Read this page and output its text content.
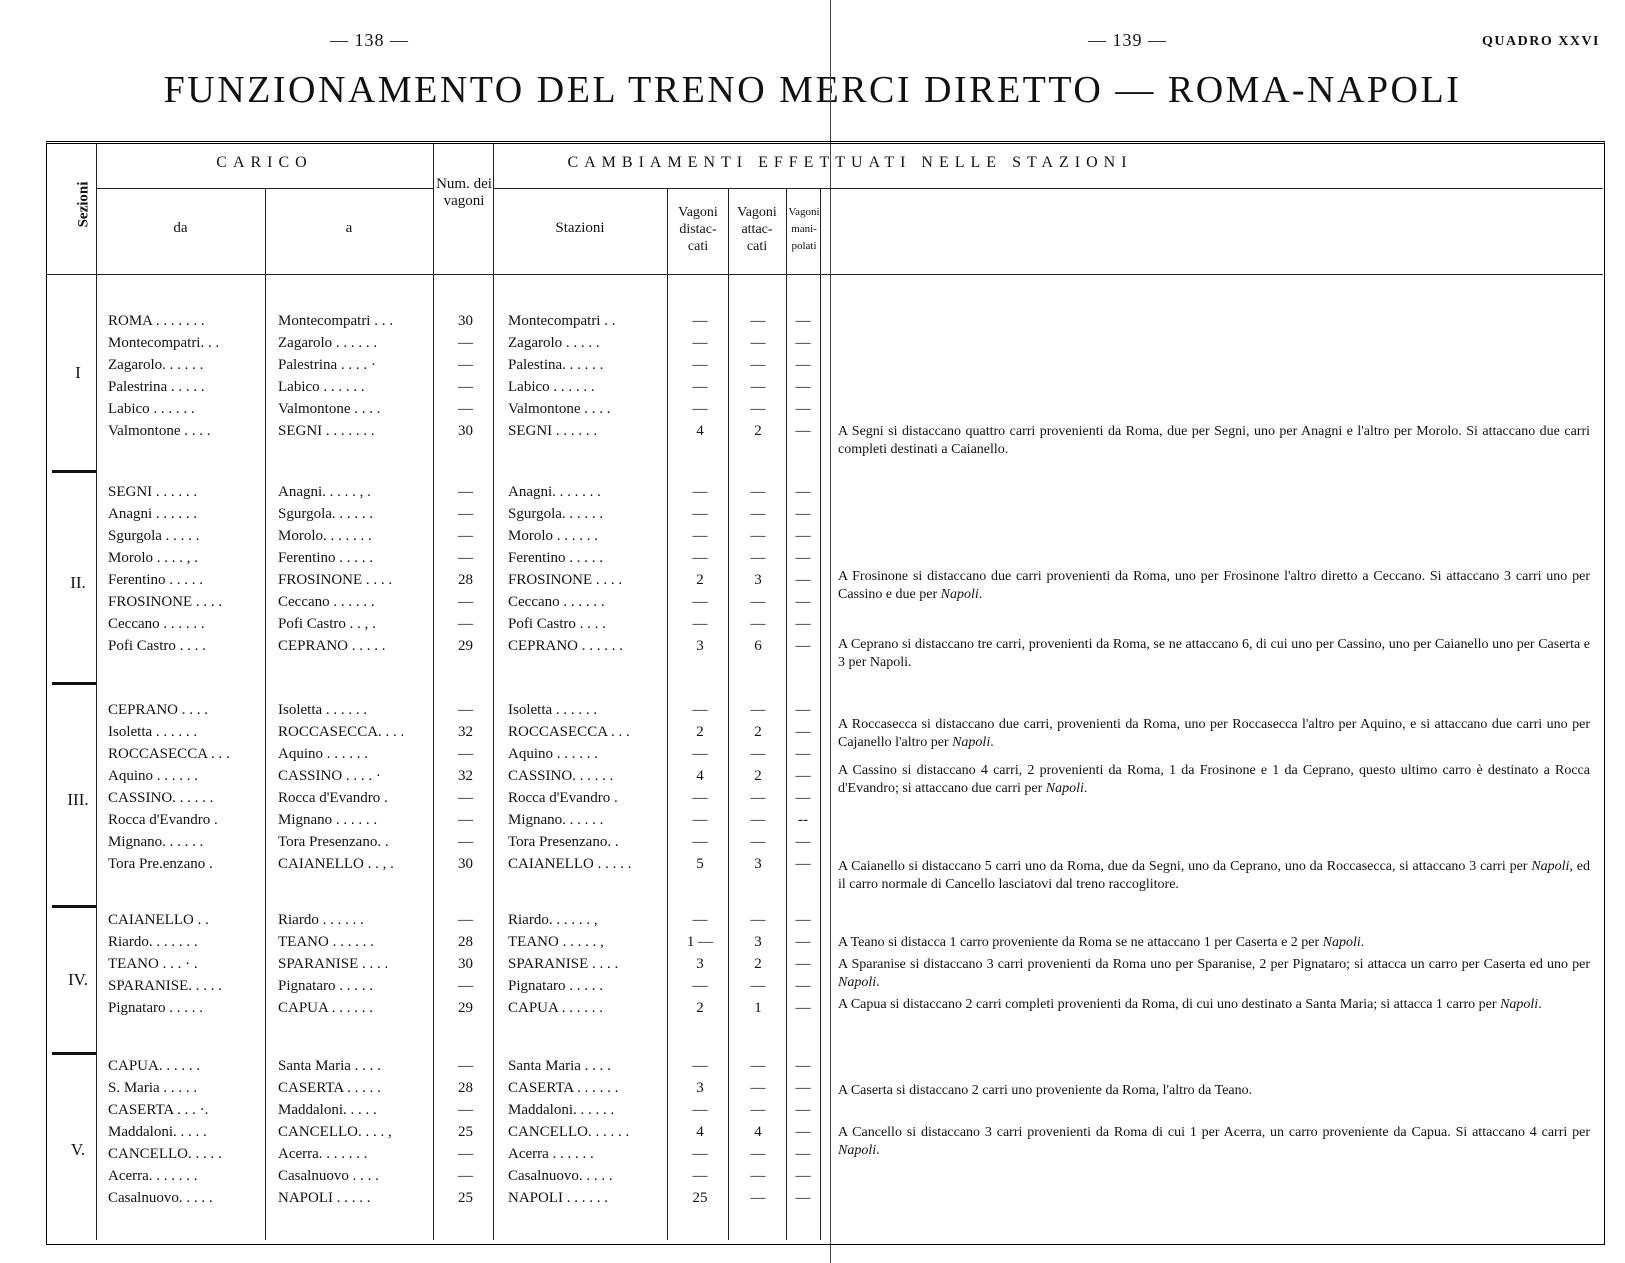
— 138 —	— 139 —	QUADRO XXVI
FUNZIONAMENTO DEL TRENO MERCI DIRETTO — ROMA-NAPOLI
Sezioni
CARICO
da	a
Num. dei vagoni
CAMBIAMENTI EFFETTUATI NELLE STAZIONI
Stazioni
Vagoni distac- cati
Vagoni attac- cati
Vagoni mani- polati
I
ROMA . . . . . . .	Montecompatri . . .	30	Montecompatri . .	—	—	—
Montecompatri. . .	Zagarolo . . . . . .	—	Zagarolo . . . . .	—	—	—
Zagarolo. . . . . .	Palestrina . . . . ·	—	Palestina. . . . . .	—	—	—
Palestrina . . . . .	Labico . . . . . .	—	Labico . . . . . .	—	—	—
Labico . . . . . .	Valmontone . . . .	—	Valmontone . . . .	—	—	—
Valmontone . . . .	SEGNI . . . . . . .	30	SEGNI . . . . . .	4	2	—	A Segni si distaccano quattro carri provenienti da Roma, due per Segni, uno per Anagni e l'altro per Morolo. Si attaccano due carri completi destinati a Caianello.
II.
SEGNI . . . . . .	Anagni. . . . . , .	—	Anagni. . . . . . .	—	—	—
Anagni . . . . . .	Sgurgola. . . . . .	—	Sgurgola. . . . . .	—	—	—
Sgurgola . . . . .	Morolo. . . . . . .	—	Morolo . . . . . .	—	—	—
Morolo . . . . , .	Ferentino . . . . .	—	Ferentino . . . . .	—	—	—
Ferentino . . . . .	FROSINONE . . . .	28	FROSINONE . . . .	2	3	—
FROSINONE . . . .	Ceccano . . . . . .	—	Ceccano . . . . . .	—	—	—
Ceccano . . . . . .	Pofi Castro . . , .	—	Pofi Castro . . . .	—	—	—
Pofi Castro . . . .	CEPRANO . . . . .	29	CEPRANO . . . . . .	3	6	—
A Frosinone si distaccano due carri provenienti da Roma, uno per Frosinone l'altro diretto a Ceccano. Si attaccano 3 carri uno per Cassino e due per Napoli.
A Ceprano si distaccano tre carri, provenienti da Roma, se ne attaccano 6, di cui uno per Cassino, uno per Caianello uno per Caserta e 3 per Napoli.
III.
CEPRANO . . . .	Isoletta . . . . . .	—	Isoletta . . . . . .	—	—	—
Isoletta . . . . . .	ROCCASECCA. . . .	32	ROCCASECCA . . .	2	2	—
ROCCASECCA . . .	Aquino . . . . . .	—	Aquino . . . . . .	—	—	—
Aquino . . . . . .	CASSINO . . . . ·	32	CASSINO. . . . . .	4	2	—
CASSINO. . . . . .	Rocca d'Evandro .	—	Rocca d'Evandro .	—	—	—
Rocca d'Evandro .	Mignano . . . . . .	—	Mignano. . . . . .	—	—	--
Mignano. . . . . .	Tora Presenzano. .	—	Tora Presenzano. .	—	—	—
Tora Pre.enzano .	CAIANELLO . . , .	30	CAIANELLO . . . . .	5	3	—
A Roccasecca si distaccano due carri, provenienti da Roma, uno per Roccasecca l'altro per Aquino, e si attaccano due carri uno per Cajanello l'altro per Napoli.
A Cassino si distaccano 4 carri, 2 provenienti da Roma, 1 da Frosinone e 1 da Ceprano, questo ultimo carro è destinato a Rocca d'Evandro; si attaccano due carri per Napoli.
A Caianello si distaccano 5 carri uno da Roma, due da Segni, uno da Ceprano, uno da Roccasecca, si attaccano 3 carri per Napoli, ed il carro normale di Cancello lasciatovi dal treno raccoglitore.
IV.
CAIANELLO . .	Riardo . . . . . .	—	Riardo. . . . . . ,	—	—	—
Riardo. . . . . . .	TEANO . . . . . .	28	TEANO . . . . . ,	1 —	3	—
TEANO . . . · .	SPARANISE . . . .	30	SPARANISE . . . .	3	2	—
SPARANISE. . . . .	Pignataro . . . . .	—	Pignataro . . . . .	—	—	—
Pignataro . . . . .	CAPUA . . . . . .	29	CAPUA . . . . . .	2	1	—
A Teano si distacca 1 carro proveniente da Roma se ne attaccano 1 per Caserta e 2 per Napoli.
A Sparanise si distaccano 3 carri provenienti da Roma uno per Sparanise, 2 per Pignataro; si attacca un carro per Caserta ed uno per Napoli.
A Capua si distaccano 2 carri completi provenienti da Roma, di cui uno destinato a Santa Maria; si attacca 1 carro per Napoli.
V.
CAPUA. . . . . .	Santa Maria . . . .	—	Santa Maria . . . .	—	—	—
S. Maria . . . . .	CASERTA . . . . .	28	CASERTA . . . . . .	3	—	—
CASERTA . . . ·.	Maddaloni. . . . .	—	Maddaloni. . . . . .	—	—	—
Maddaloni. . . . .	CANCELLO. . . . ,	25	CANCELLO. . . . . .	4	4	—
CANCELLO. . . . .	Acerra. . . . . . .	—	Acerra . . . . . .	—	—	—
Acerra. . . . . . .	Casalnuovo . . . .	—	Casalnuovo. . . . .	—	—	—
Casalnuovo. . . . .	NAPOLI . . . . .	25	NAPOLI . . . . . .	25	—	—
A Caserta si distaccano 2 carri uno proveniente da Roma, l'altro da Teano.
A Cancello si distaccano 3 carri provenienti da Roma di cui 1 per Acerra, un carro proveniente da Capua. Si attaccano 4 carri per Napoli.
